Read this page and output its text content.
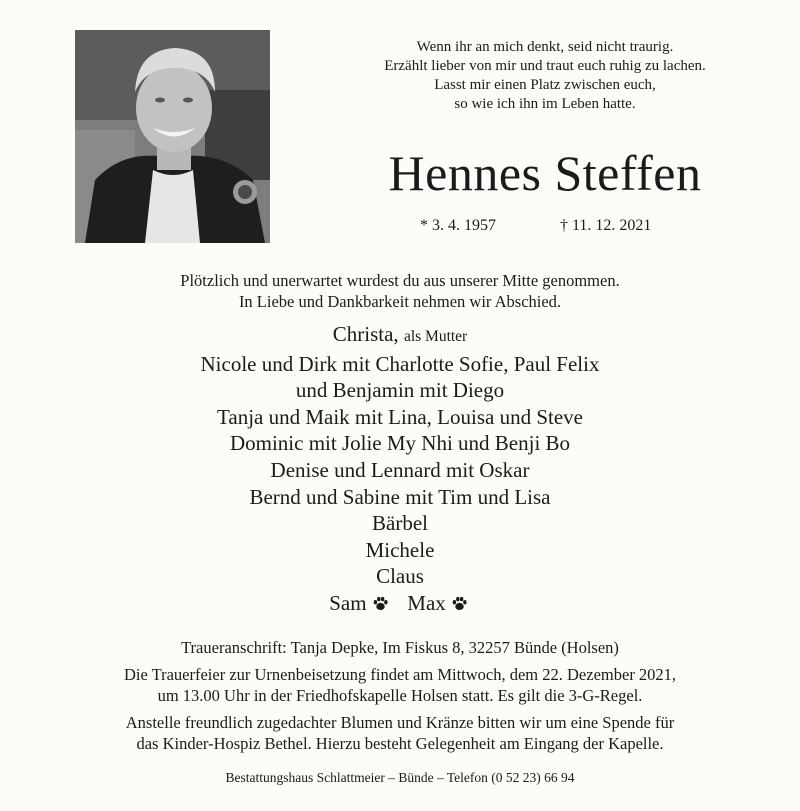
Wenn ihr an mich denkt, seid nicht traurig.
Erzählt lieber von mir und traut euch ruhig zu lachen.
Lasst mir einen Platz zwischen euch,
so wie ich ihn im Leben hatte.
Hennes Steffen
* 3. 4. 1957	† 11. 12. 2021
Plötzlich und unerwartet wurdest du aus unserer Mitte genommen.
In Liebe und Dankbarkeit nehmen wir Abschied.
Christa, als Mutter
Nicole und Dirk mit Charlotte Sofie, Paul Felix
und Benjamin mit Diego
Tanja und Maik mit Lina, Louisa und Steve
Dominic mit Jolie My Nhi und Benji Bo
Denise und Lennard mit Oskar
Bernd und Sabine mit Tim und Lisa
Bärbel
Michele
Claus
Sam Max
Traueranschrift: Tanja Depke, Im Fiskus 8, 32257 Bünde (Holsen)
Die Trauerfeier zur Urnenbeisetzung findet am Mittwoch, dem 22. Dezember 2021,
um 13.00 Uhr in der Friedhofskapelle Holsen statt. Es gilt die 3-G-Regel.
Anstelle freundlich zugedachter Blumen und Kränze bitten wir um eine Spende für
das Kinder-Hospiz Bethel. Hierzu besteht Gelegenheit am Eingang der Kapelle.
Bestattungshaus Schlattmeier – Bünde – Telefon (0 52 23) 66 94
